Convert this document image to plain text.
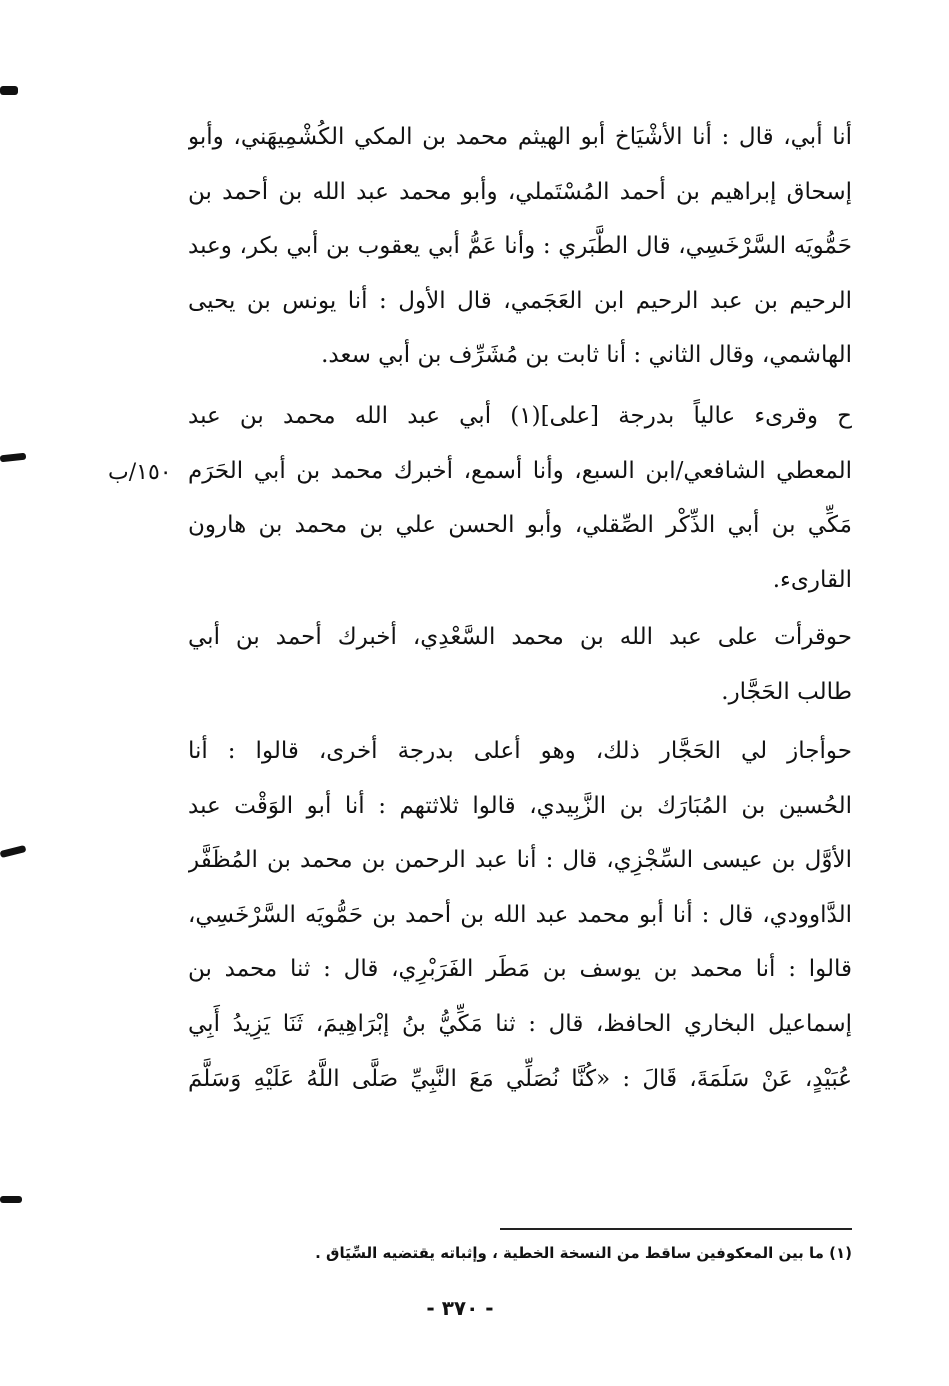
أنا أبي، قال : أنا الأشْيَاخ أبو الهيثم محمد بن المكي الكُشْمِيهَني، وأبو
إسحاق إبراهيم بن أحمد المُسْتَملي، وأبو محمد عبد الله بن أحمد بن
حَمُّويَه السَّرْخَسِي، قال الطَّبَري : وأنا عَمُّ أبي يعقوب بن أبي بكر، وعبد
الرحيم بن عبد الرحيم ابن العَجَمي، قال الأول : أنا يونس بن يحيى
الهاشمي، وقال الثاني : أنا ثابت بن مُشَرِّف بن أبي سعد.
ح وقرىء عالياً بدرجة [على](١) أبي عبد الله محمد بن عبد
المعطي الشافعي/ابن السبع، وأنا أسمع، أخبرك محمد بن أبي الحَرَم
مَكِّي بن أبي الذِّكْر الصِّقلي، وأبو الحسن علي بن محمد بن هارون
القارىء.
١٥٠/ب
حوقرأت على عبد الله بن محمد السَّعْدِي، أخبرك أحمد بن أبي
طالب الحَجَّار.
حوأجاز لي الحَجَّار ذلك، وهو أعلى بدرجة أخرى، قالوا : أنا
الحُسين بن المُبَارَك بن الزَّبِيدي، قالوا ثلاثتهم : أنا أبو الوَقْت عبد
الأوَّل بن عيسى السِّجْزِي، قال : أنا عبد الرحمن بن محمد بن المُظَفَّر
الدَّاوودي، قال : أنا أبو محمد عبد الله بن أحمد بن حَمُّويَه السَّرْخَسِي،
قالوا : أنا محمد بن يوسف بن مَطَر الفَرَبْرِي، قال : ثنا محمد بن
إسماعيل البخاري الحافظ، قال : ثنا مَكِّيُّ بنُ إبْرَاهِيمَ، ثَنَا يَزِيدُ أَبِي
عُبَيْدٍ، عَنْ سَلَمَةَ، قَالَ : «كُنَّا نُصَلِّي مَعَ النَّبِيِّ صَلَّى اللَّهُ عَلَيْهِ وَسَلَّمَ
(١) ما بين المعكوفين ساقط من النسخة الخطية ، وإثباته يقتضيه السِّيَاق .
- ٣٧٠ -
